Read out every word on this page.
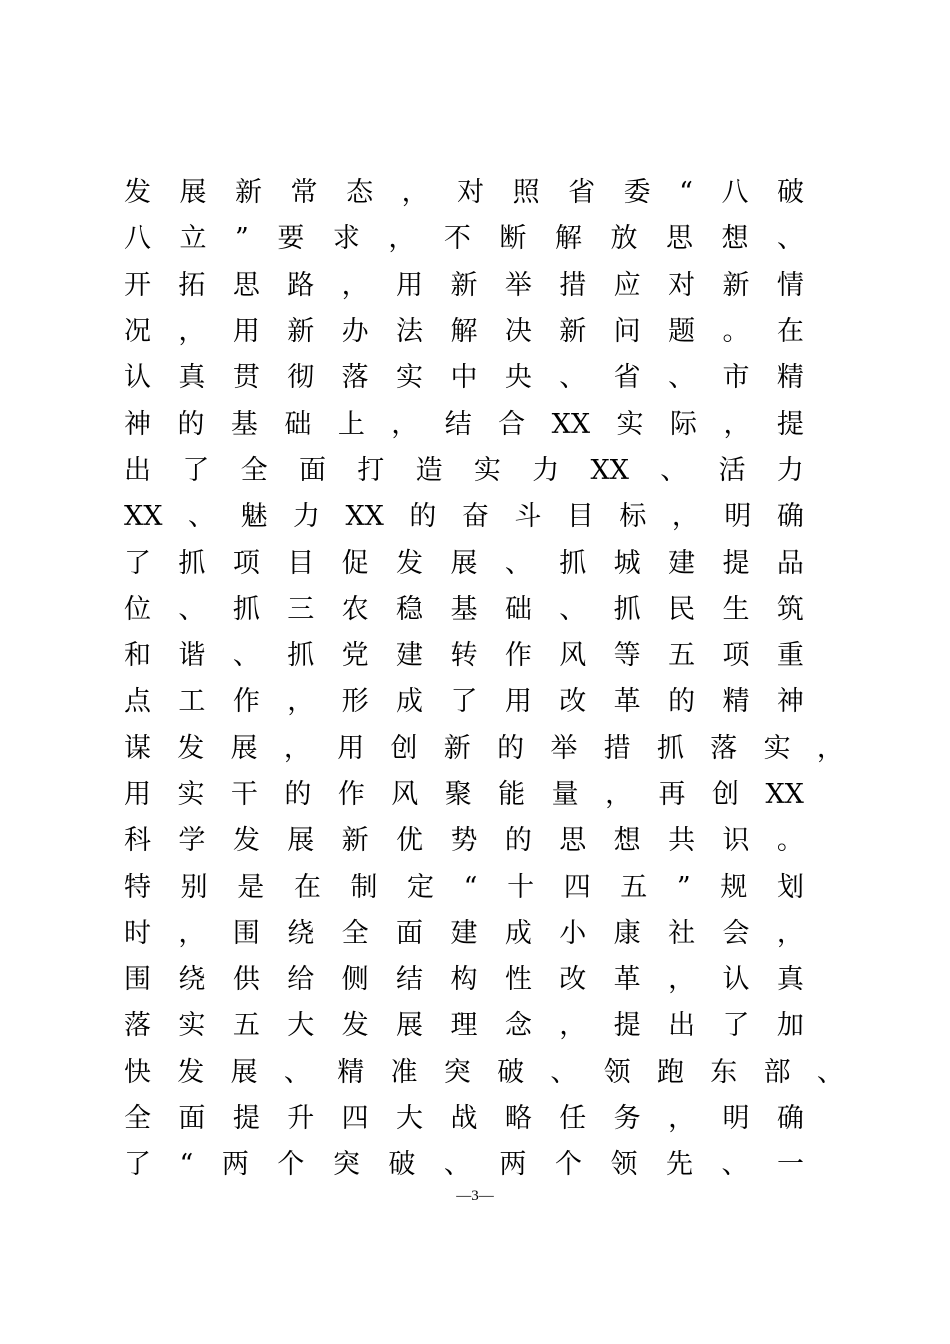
发 展 新 常 态 ， 对 照 省 委 “ 八 破
八 立 ” 要 求 ， 不 断 解 放 思 想 、
开 拓 思 路 ， 用 新 举 措 应 对 新 情
况 ， 用 新 办 法 解 决 新 问 题 。 在
认 真 贯 彻 落 实 中 央 、 省 、 市 精
神 的 基 础 上 ， 结 合 XX 实 际 ， 提
出 了 全 面 打 造 实 力 XX 、 活 力
XX 、 魅 力 XX 的 奋 斗 目 标 ， 明 确
了 抓 项 目 促 发 展 、 抓 城 建 提 品
位 、 抓 三 农 稳 基 础 、 抓 民 生 筑
和 谐 、 抓 党 建 转 作 风 等 五 项 重
点 工 作 ， 形 成 了 用 改 革 的 精 神
谋 发 展 ， 用 创 新 的 举 措 抓 落 实 ，
用 实 干 的 作 风 聚 能 量 ， 再 创 XX
科 学 发 展 新 优 势 的 思 想 共 识 。
特 别 是 在 制 定 “ 十 四 五 ” 规 划
时 ， 围 绕 全 面 建 成 小 康 社 会 ，
围 绕 供 给 侧 结 构 性 改 革 ， 认 真
落 实 五 大 发 展 理 念 ， 提 出 了 加
快 发 展 、 精 准 突 破 、 领 跑 东 部 、
全 面 提 升 四 大 战 略 任 务 ， 明 确
了 “ 两 个 突 破 、 两 个 领 先 、 一
—3—
